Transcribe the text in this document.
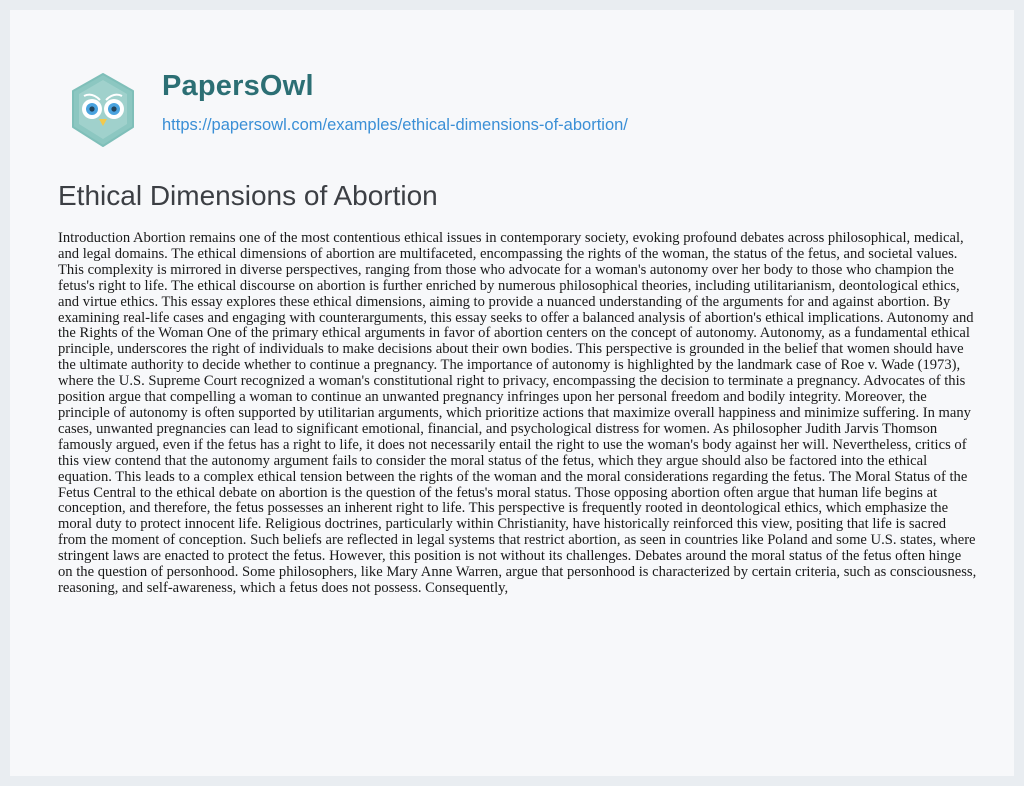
PapersOwl
https://papersowl.com/examples/ethical-dimensions-of-abortion/
Ethical Dimensions of Abortion

Introduction Abortion remains one of the most contentious ethical issues in contemporary society, evoking profound debates across philosophical, medical, and legal domains. The ethical dimensions of abortion are multifaceted, encompassing the rights of the woman, the status of the fetus, and societal values. This complexity is mirrored in diverse perspectives, ranging from those who advocate for a woman's autonomy over her body to those who champion the fetus's right to life. The ethical discourse on abortion is further enriched by numerous philosophical theories, including utilitarianism, deontological ethics, and virtue ethics. This essay explores these ethical dimensions, aiming to provide a nuanced understanding of the arguments for and against abortion. By examining real-life cases and engaging with counterarguments, this essay seeks to offer a balanced analysis of abortion's ethical implications. Autonomy and the Rights of the Woman One of the primary ethical arguments in favor of abortion centers on the concept of autonomy. Autonomy, as a fundamental ethical principle, underscores the right of individuals to make decisions about their own bodies. This perspective is grounded in the belief that women should have the ultimate authority to decide whether to continue a pregnancy. The importance of autonomy is highlighted by the landmark case of Roe v. Wade (1973), where the U.S. Supreme Court recognized a woman's constitutional right to privacy, encompassing the decision to terminate a pregnancy. Advocates of this position argue that compelling a woman to continue an unwanted pregnancy infringes upon her personal freedom and bodily integrity. Moreover, the principle of autonomy is often supported by utilitarian arguments, which prioritize actions that maximize overall happiness and minimize suffering. In many cases, unwanted pregnancies can lead to significant emotional, financial, and psychological distress for women. As philosopher Judith Jarvis Thomson famously argued, even if the fetus has a right to life, it does not necessarily entail the right to use the woman's body against her will. Nevertheless, critics of this view contend that the autonomy argument fails to consider the moral status of the fetus, which they argue should also be factored into the ethical equation. This leads to a complex ethical tension between the rights of the woman and the moral considerations regarding the fetus. The Moral Status of the Fetus Central to the ethical debate on abortion is the question of the fetus's moral status. Those opposing abortion often argue that human life begins at conception, and therefore, the fetus possesses an inherent right to life. This perspective is frequently rooted in deontological ethics, which emphasize the moral duty to protect innocent life. Religious doctrines, particularly within Christianity, have historically reinforced this view, positing that life is sacred from the moment of conception. Such beliefs are reflected in legal systems that restrict abortion, as seen in countries like Poland and some U.S. states, where stringent laws are enacted to protect the fetus. However, this position is not without its challenges. Debates around the moral status of the fetus often hinge on the question of personhood. Some philosophers, like Mary Anne Warren, argue that personhood is characterized by certain criteria, such as consciousness, reasoning, and self-awareness, which a fetus does not possess. Consequently,
